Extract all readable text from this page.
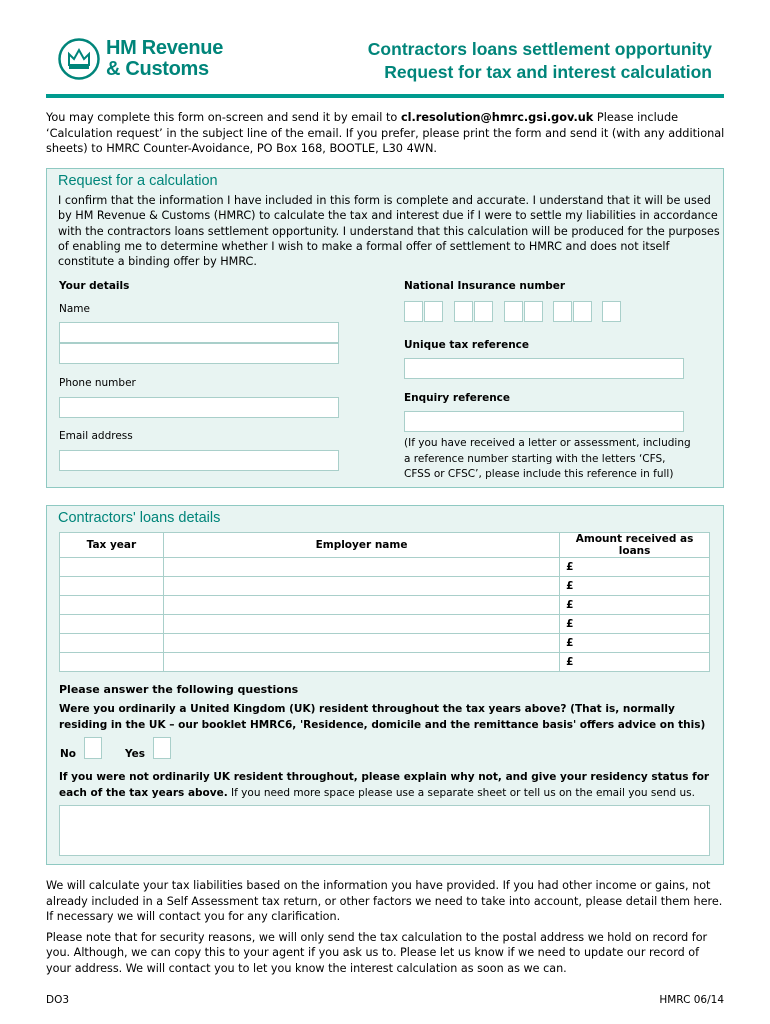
HM Revenue
& Customs
Contractors loans settlement opportunity
Request for tax and interest calculation
You may complete this form on-screen and send it by email to cl.resolution@hmrc.gsi.gov.uk Please include ‘Calculation request’ in the subject line of the email. If you prefer, please print the form and send it (with any additional sheets) to HMRC Counter-Avoidance, PO Box 168, BOOTLE, L30 4WN.
Request for a calculation
I confirm that the information I have included in this form is complete and accurate. I understand that it will be used by HM Revenue & Customs (HMRC) to calculate the tax and interest due if I were to settle my liabilities in accordance with the contractors loans settlement opportunity. I understand that this calculation will be produced for the purposes of enabling me to determine whether I wish to make a formal offer of settlement to HMRC and does not itself constitute a binding offer by HMRC.
Your details
Name
Phone number
Email address
National Insurance number
Unique tax reference
Enquiry reference
(If you have received a letter or assessment, including a reference number starting with the letters ‘CFS, CFSS or CFSC’, please include this reference in full)
Contractors' loans details
Tax year	Employer name	Amount received as loans
		£
		£
		£
		£
		£
		£
Please answer the following questions
Were you ordinarily a United Kingdom (UK) resident throughout the tax years above? (That is, normally residing in the UK – our booklet HMRC6, 'Residence, domicile and the remittance basis' offers advice on this)
No	Yes
If you were not ordinarily UK resident throughout, please explain why not, and give your residency status for each of the tax years above. If you need more space please use a separate sheet or tell us on the email you send us.

We will calculate your tax liabilities based on the information you have provided. If you had other income or gains, not already included in a Self Assessment tax return, or other factors we need to take into account, please detail them here. If necessary we will contact you for any clarification.

Please note that for security reasons, we will only send the tax calculation to the postal address we hold on record for you. Although, we can copy this to your agent if you ask us to. Please let us know if we need to update our record of your address. We will contact you to let you know the interest calculation as soon as we can.

DO3	HMRC 06/14
